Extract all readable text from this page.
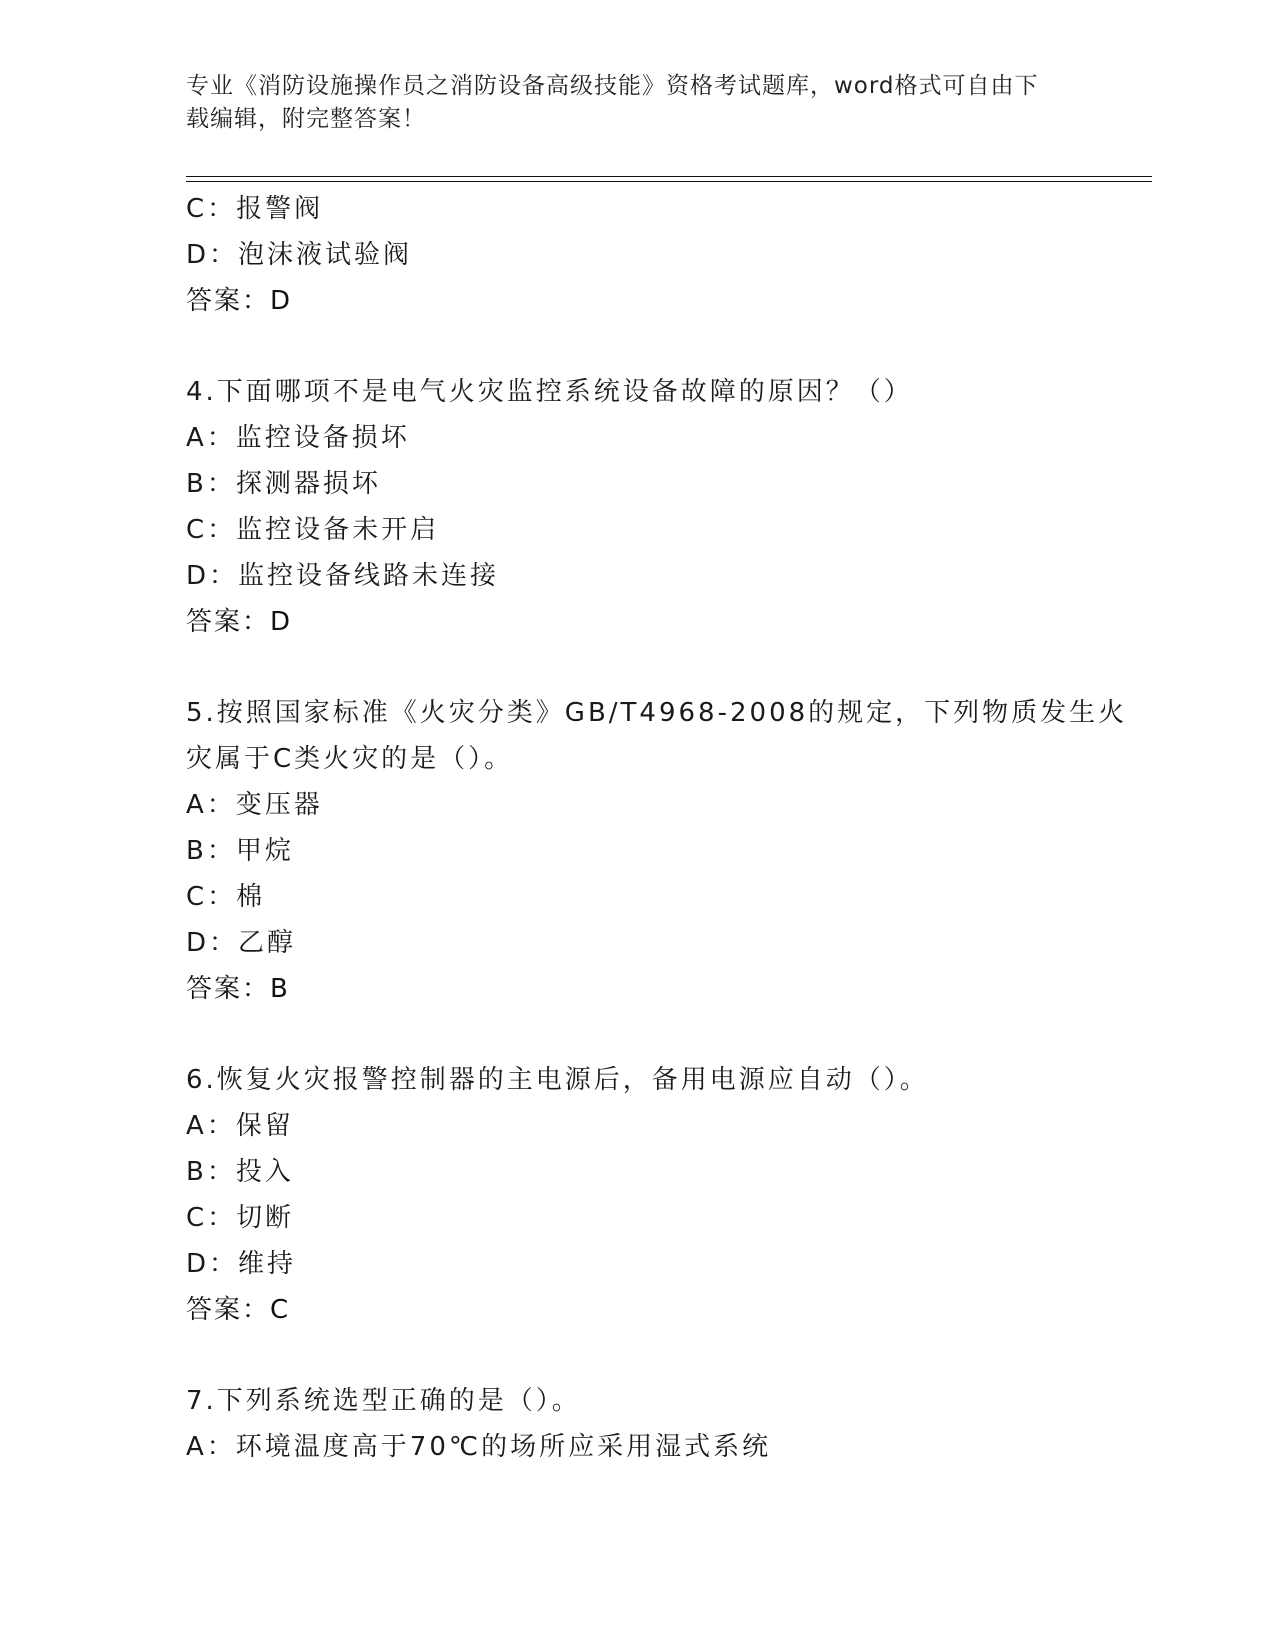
专业《消防设施操作员之消防设备高级技能》资格考试题库，word格式可自由下
载编辑，附完整答案！
C：报警阀
D：泡沫液试验阀
答案：D
4.下面哪项不是电气火灾监控系统设备故障的原因？（）
A：监控设备损坏
B：探测器损坏
C：监控设备未开启
D：监控设备线路未连接
答案：D
5.按照国家标准《火灾分类》GB/T4968-2008的规定，下列物质发生火
灾属于C类火灾的是（）。
A：变压器
B：甲烷
C：棉
D：乙醇
答案：B
6.恢复火灾报警控制器的主电源后，备用电源应自动（）。
A：保留
B：投入
C：切断
D：维持
答案：C
7.下列系统选型正确的是（）。
A：环境温度高于70℃的场所应采用湿式系统
